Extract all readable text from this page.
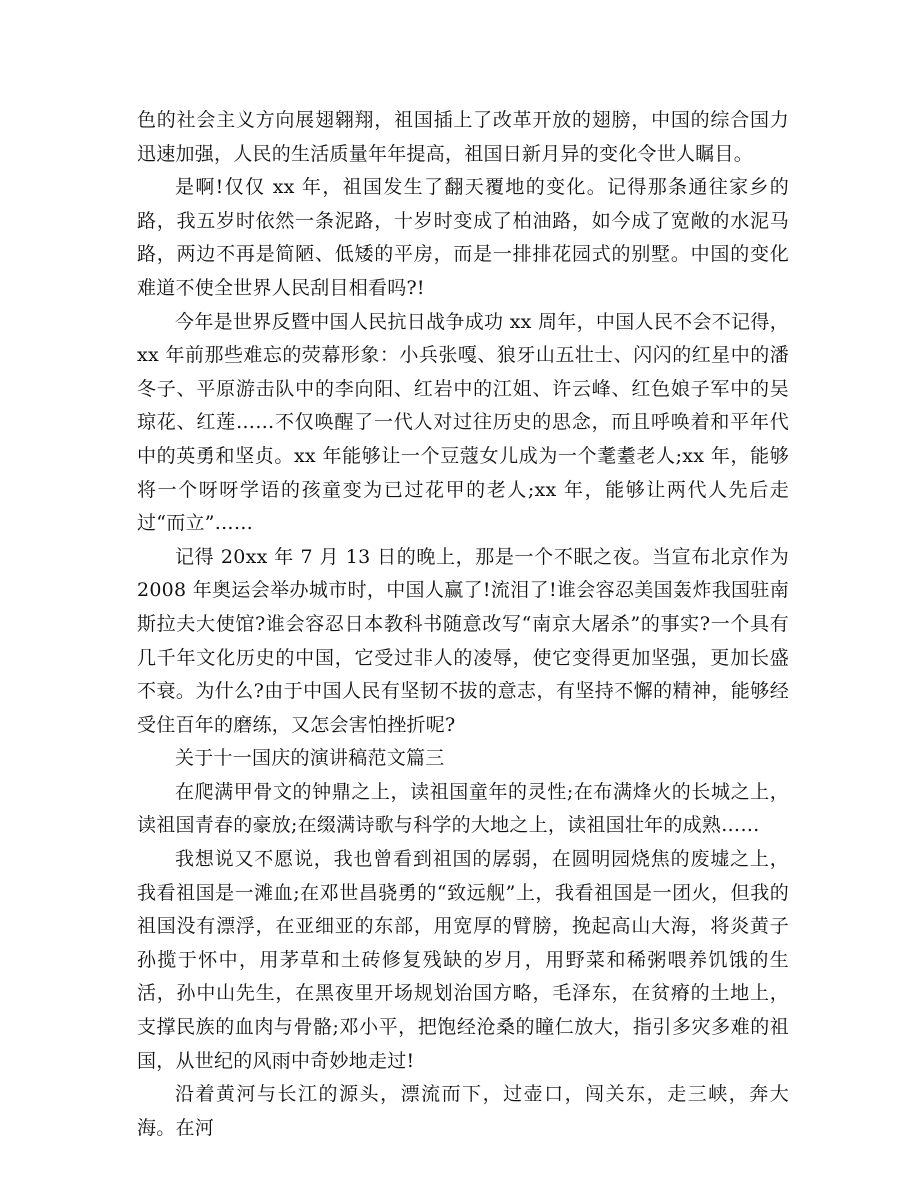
色的社会主义方向展翅翱翔，祖国插上了改革开放的翅膀，中国的综合国力迅速加强，人民的生活质量年年提高，祖国日新月异的变化令世人瞩目。

是啊!仅仅 xx 年，祖国发生了翻天覆地的变化。记得那条通往家乡的路，我五岁时依然一条泥路，十岁时变成了柏油路，如今成了宽敞的水泥马路，两边不再是简陋、低矮的平房，而是一排排花园式的别墅。中国的变化难道不使全世界人民刮目相看吗?!

今年是世界反暨中国人民抗日战争成功 xx 周年，中国人民不会不记得，xx 年前那些难忘的荧幕形象：小兵张嘎、狼牙山五壮士、闪闪的红星中的潘冬子、平原游击队中的李向阳、红岩中的江姐、许云峰、红色娘子军中的吴琼花、红莲……不仅唤醒了一代人对过往历史的思念，而且呼唤着和平年代中的英勇和坚贞。xx 年能够让一个豆蔻女儿成为一个耄耋老人;xx 年，能够将一个呀呀学语的孩童变为已过花甲的老人;xx 年，能够让两代人先后走过“而立”……

记得 20xx 年 7 月 13 日的晚上，那是一个不眠之夜。当宣布北京作为 2008 年奥运会举办城市时，中国人赢了!流泪了!谁会容忍美国轰炸我国驻南斯拉夫大使馆?谁会容忍日本教科书随意改写“南京大屠杀”的事实?一个具有几千年文化历史的中国，它受过非人的凌辱，使它变得更加坚强，更加长盛不衰。为什么?由于中国人民有坚韧不拔的意志，有坚持不懈的精神，能够经受住百年的磨练，又怎会害怕挫折呢?

关于十一国庆的演讲稿范文篇三

在爬满甲骨文的钟鼎之上，读祖国童年的灵性;在布满烽火的长城之上，读祖国青春的豪放;在缀满诗歌与科学的大地之上，读祖国壮年的成熟……

我想说又不愿说，我也曾看到祖国的孱弱，在圆明园烧焦的废墟之上，我看祖国是一滩血;在邓世昌骁勇的“致远舰”上，我看祖国是一团火，但我的祖国没有漂浮，在亚细亚的东部，用宽厚的臂膀，挽起高山大海，将炎黄子孙揽于怀中，用茅草和土砖修复残缺的岁月，用野菜和稀粥喂养饥饿的生活，孙中山先生，在黑夜里开场规划治国方略，毛泽东，在贫瘠的土地上，支撑民族的血肉与骨骼;邓小平，把饱经沧桑的瞳仁放大，指引多灾多难的祖国，从世纪的风雨中奇妙地走过!

沿着黄河与长江的源头，漂流而下，过壶口，闯关东，走三峡，奔大海。在河
